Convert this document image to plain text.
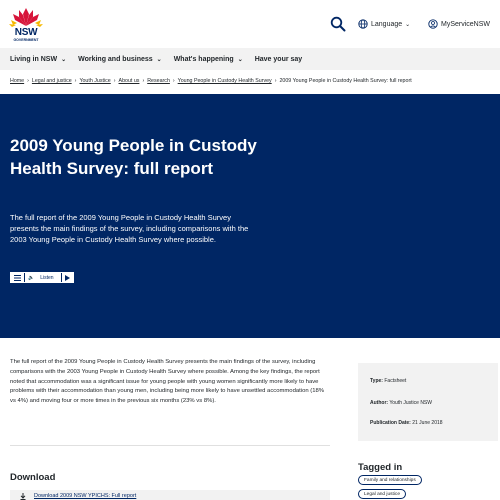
NSW
GOVERNMENT
Language ⌄	MyServiceNSW
Living in NSW ⌄ Working and business ⌄ What's happening ⌄ Have your say
Home › Legal and justice › Youth Justice › About us › Research › Young People in Custody Health Survey › 2009 Young People in Custody Health Survey: full report
2009 Young People in Custody Health Survey: full report

The full report of the 2009 Young People in Custody Health Survey presents the main findings of the survey, including comparisons with the 2003 Young People in Custody Health Survey where possible.

🔈	Listen

The full report of the 2009 Young People in Custody Health Survey presents the main findings of the survey, including comparisons with the 2003 Young People in Custody Health Survey where possible. Among the key findings, the report noted that accommodation was a significant issue for young people with young women significantly more likely to have problems with their accommodation than young men, including being more likely to have unsettled accommodation (18% vs 4%) and moving four or more times in the previous six months (23% vs 8%).

Download
Download 2009 NSW YPICHS: Full report
Type: Factsheet
Author: Youth Justice NSW
Publication Date: 21 June 2018
Tagged in
Family and relationships
Legal and justice
